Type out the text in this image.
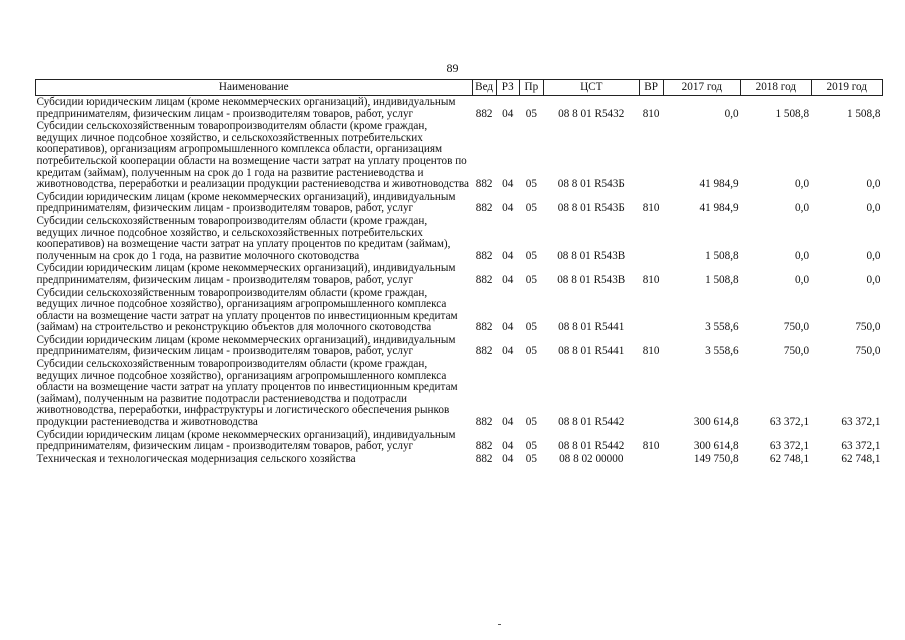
89
Наименование	Вед	РЗ	Пр	ЦСТ	ВР	2017 год	2018 год	2019 год
Субсидии юридическим лицам (кроме некоммерческих организаций), индивидуальным предпринимателям, физическим лицам - производителям товаров, работ, услуг	882	04	05	08 8 01 R5432	810	0,0	1 508,8	1 508,8
Субсидии сельскохозяйственным товаропроизводителям области (кроме граждан, ведущих личное подсобное хозяйство, и сельскохозяйственных потребительских кооперативов), организациям агропромышленного комплекса области, организациям потребительской кооперации области на возмещение части затрат на уплату процентов по кредитам (займам), полученным на срок до 1 года на развитие растениеводства и животноводства, переработки и реализации продукции растениеводства и животноводства	882	04	05	08 8 01 R543Б		41 984,9	0,0	0,0
Субсидии юридическим лицам (кроме некоммерческих организаций), индивидуальным предпринимателям, физическим лицам - производителям товаров, работ, услуг	882	04	05	08 8 01 R543Б	810	41 984,9	0,0	0,0
Субсидии сельскохозяйственным товаропроизводителям области (кроме граждан, ведущих личное подсобное хозяйство, и сельскохозяйственных потребительских кооперативов) на возмещение части затрат на уплату процентов по кредитам (займам), полученным на срок до 1 года, на развитие молочного скотоводства	882	04	05	08 8 01 R543В		1 508,8	0,0	0,0
Субсидии юридическим лицам (кроме некоммерческих организаций), индивидуальным предпринимателям, физическим лицам - производителям товаров, работ, услуг	882	04	05	08 8 01 R543В	810	1 508,8	0,0	0,0
Субсидии сельскохозяйственным товаропроизводителям области (кроме граждан, ведущих личное подсобное хозяйство), организациям агропромышленного комплекса области на возмещение части затрат на уплату процентов по инвестиционным кредитам (займам) на строительство и реконструкцию объектов для молочного скотоводства	882	04	05	08 8 01 R5441		3 558,6	750,0	750,0
Субсидии юридическим лицам (кроме некоммерческих организаций), индивидуальным предпринимателям, физическим лицам - производителям товаров, работ, услуг	882	04	05	08 8 01 R5441	810	3 558,6	750,0	750,0
Субсидии сельскохозяйственным товаропроизводителям области (кроме граждан, ведущих личное подсобное хозяйство), организациям агропромышленного комплекса области на возмещение части затрат на уплату процентов по инвестиционным кредитам (займам), полученным на развитие подотрасли растениеводства и подотрасли животноводства, переработки, инфраструктуры и логистического обеспечения рынков продукции растениеводства и животноводства	882	04	05	08 8 01 R5442		300 614,8	63 372,1	63 372,1
Субсидии юридическим лицам (кроме некоммерческих организаций), индивидуальным предпринимателям, физическим лицам - производителям товаров, работ, услуг	882	04	05	08 8 01 R5442	810	300 614,8	63 372,1	63 372,1
Техническая и технологическая модернизация сельского хозяйства	882	04	05	08 8 02 00000		149 750,8	62 748,1	62 748,1
